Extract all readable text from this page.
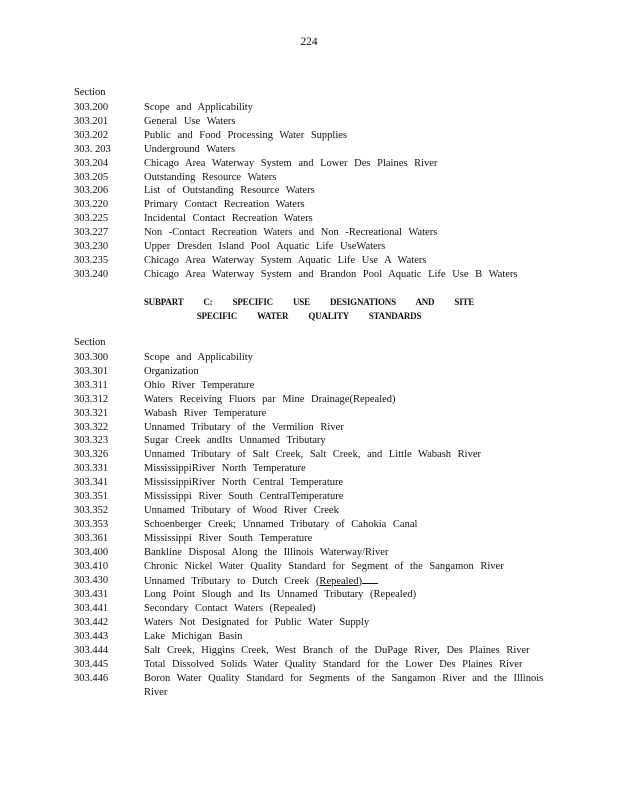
224
Section
303.200	Scope and Applicability
303.201	General Use Waters
303.202	Public and Food Processing Water Supplies
303. 203	Underground Waters
303.204	Chicago Area Waterway System and Lower Des Plaines River
303.205	Outstanding Resource Waters
303.206	List of Outstanding Resource Waters
303.220	Primary Contact Recreation Waters
303.225	Incidental Contact Recreation Waters
303.227	Non -Contact Recreation Waters and Non -Recreational Waters
303.230	Upper Dresden Island Pool Aquatic Life UseWaters
303.235	Chicago Area Waterway System Aquatic Life Use A Waters
303.240	Chicago Area Waterway System and Brandon Pool Aquatic Life Use B Waters
SUBPART C: SPECIFIC USE DESIGNATIONS AND SITE
SPECIFIC WATER QUALITY STANDARDS
Section
303.300	Scope and Applicability
303.301	Organization
303.311	Ohio River Temperature
303.312	Waters Receiving Fluors par Mine Drainage(Repealed)
303.321	Wabash River Temperature
303.322	Unnamed Tributary of the Vermilion River
303.323	Sugar Creek andIts Unnamed Tributary
303.326	Unnamed Tributary of Salt Creek, Salt Creek, and Little Wabash River
303.331	MississippiRiver North Temperature
303.341	MississippiRiver North Central Temperature
303.351	Mississippi River South CentralTemperature
303.352	Unnamed Tributary of Wood River Creek
303.353	Schoenberger Creek; Unnamed Tributary of Cahokia Canal
303.361	Mississippi River South Temperature
303.400	Bankline Disposal Along the Illinois Waterway/River
303.410	Chronic Nickel Water Quality Standard for Segment of the Sangamon River
303.430	Unnamed Tributary to Dutch Creek (Repealed)
303.431	Long Point Slough and Its Unnamed Tributary (Repealed)
303.441	Secondary Contact Waters (Repealed)
303.442	Waters Not Designated for Public Water Supply
303.443	Lake Michigan Basin
303.444	Salt Creek, Higgins Creek, West Branch of the DuPage River, Des Plaines River
303.445	Total Dissolved Solids Water Quality Standard for the Lower Des Plaines River
303.446	Boron Water Quality Standard for Segments of the Sangamon River and the Illinois River
